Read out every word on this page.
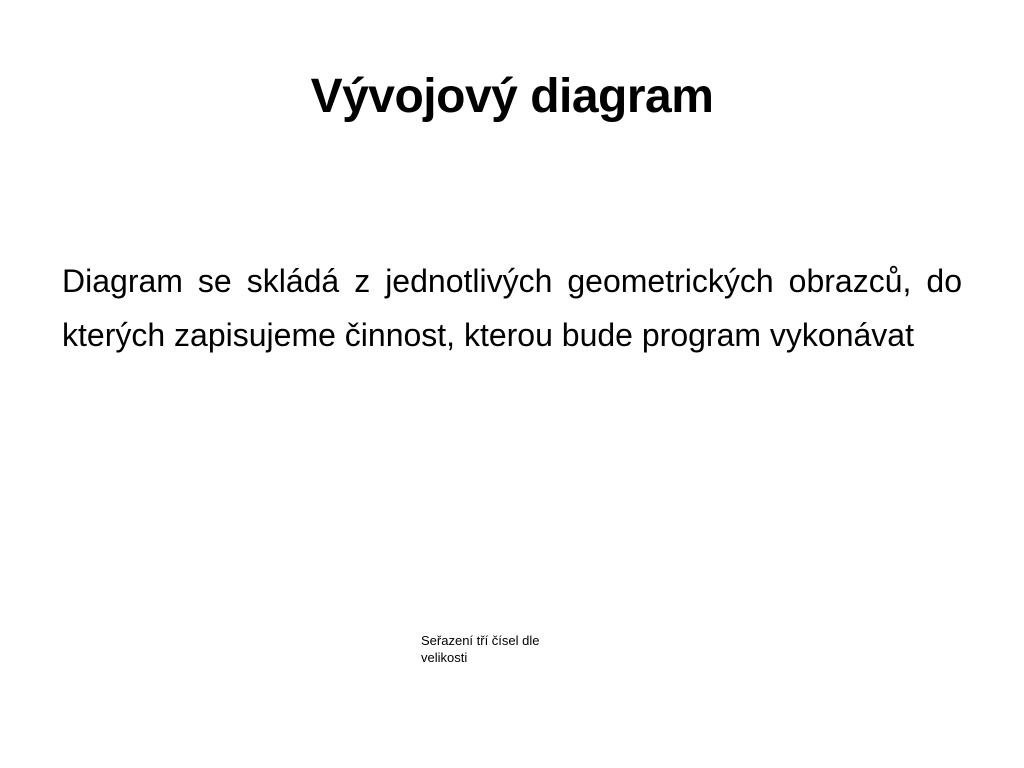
Vývojový diagram
Diagram se skládá z jednotlivých geometrických obrazců, do kterých zapisujeme činnost, kterou bude program vykonávat
Seřazení tří čísel dle velikosti
